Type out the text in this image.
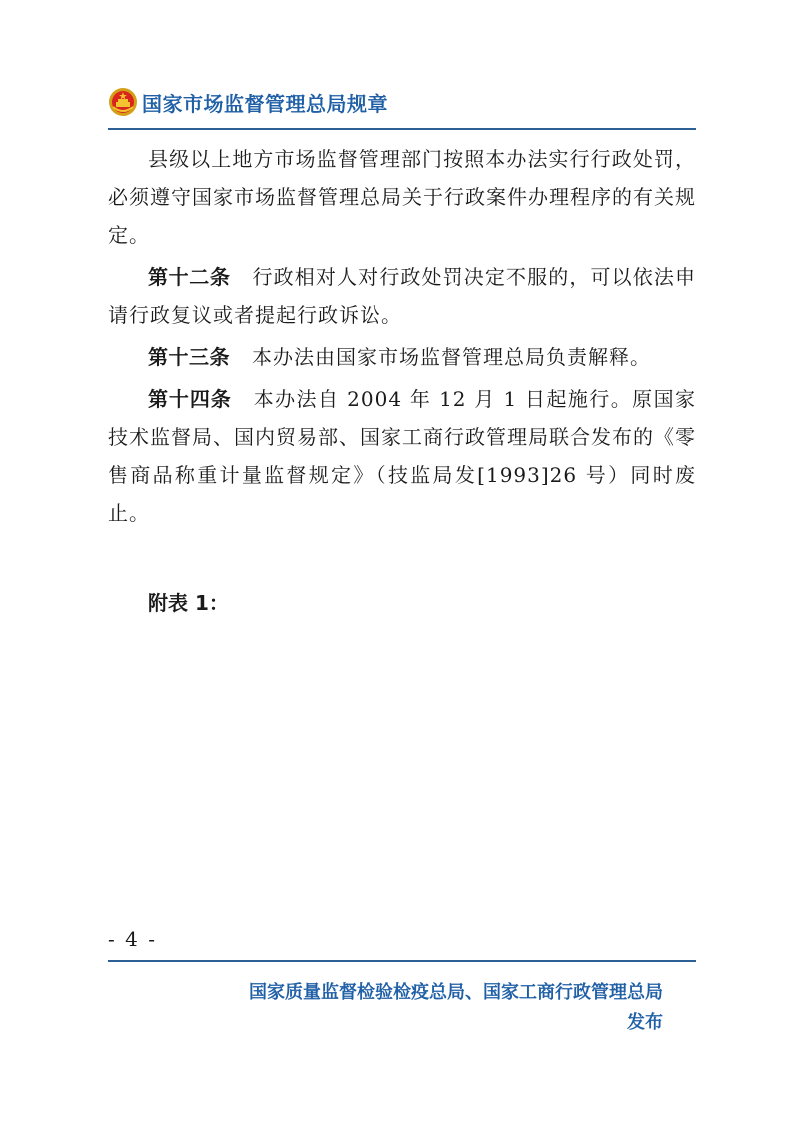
国家市场监督管理总局规章

县级以上地方市场监督管理部门按照本办法实行行政处罚，必须遵守国家市场监督管理总局关于行政案件办理程序的有关规定。

第十二条 行政相对人对行政处罚决定不服的，可以依法申请行政复议或者提起行政诉讼。

第十三条 本办法由国家市场监督管理总局负责解释。

第十四条 本办法自 2004 年 12 月 1 日起施行。原国家技术监督局、国内贸易部、国家工商行政管理局联合发布的《零售商品称重计量监督规定》（技监局发[1993]26 号）同时废止。

附表 1：
- 4 -
国家质量监督检验检疫总局、国家工商行政管理总局
发布
